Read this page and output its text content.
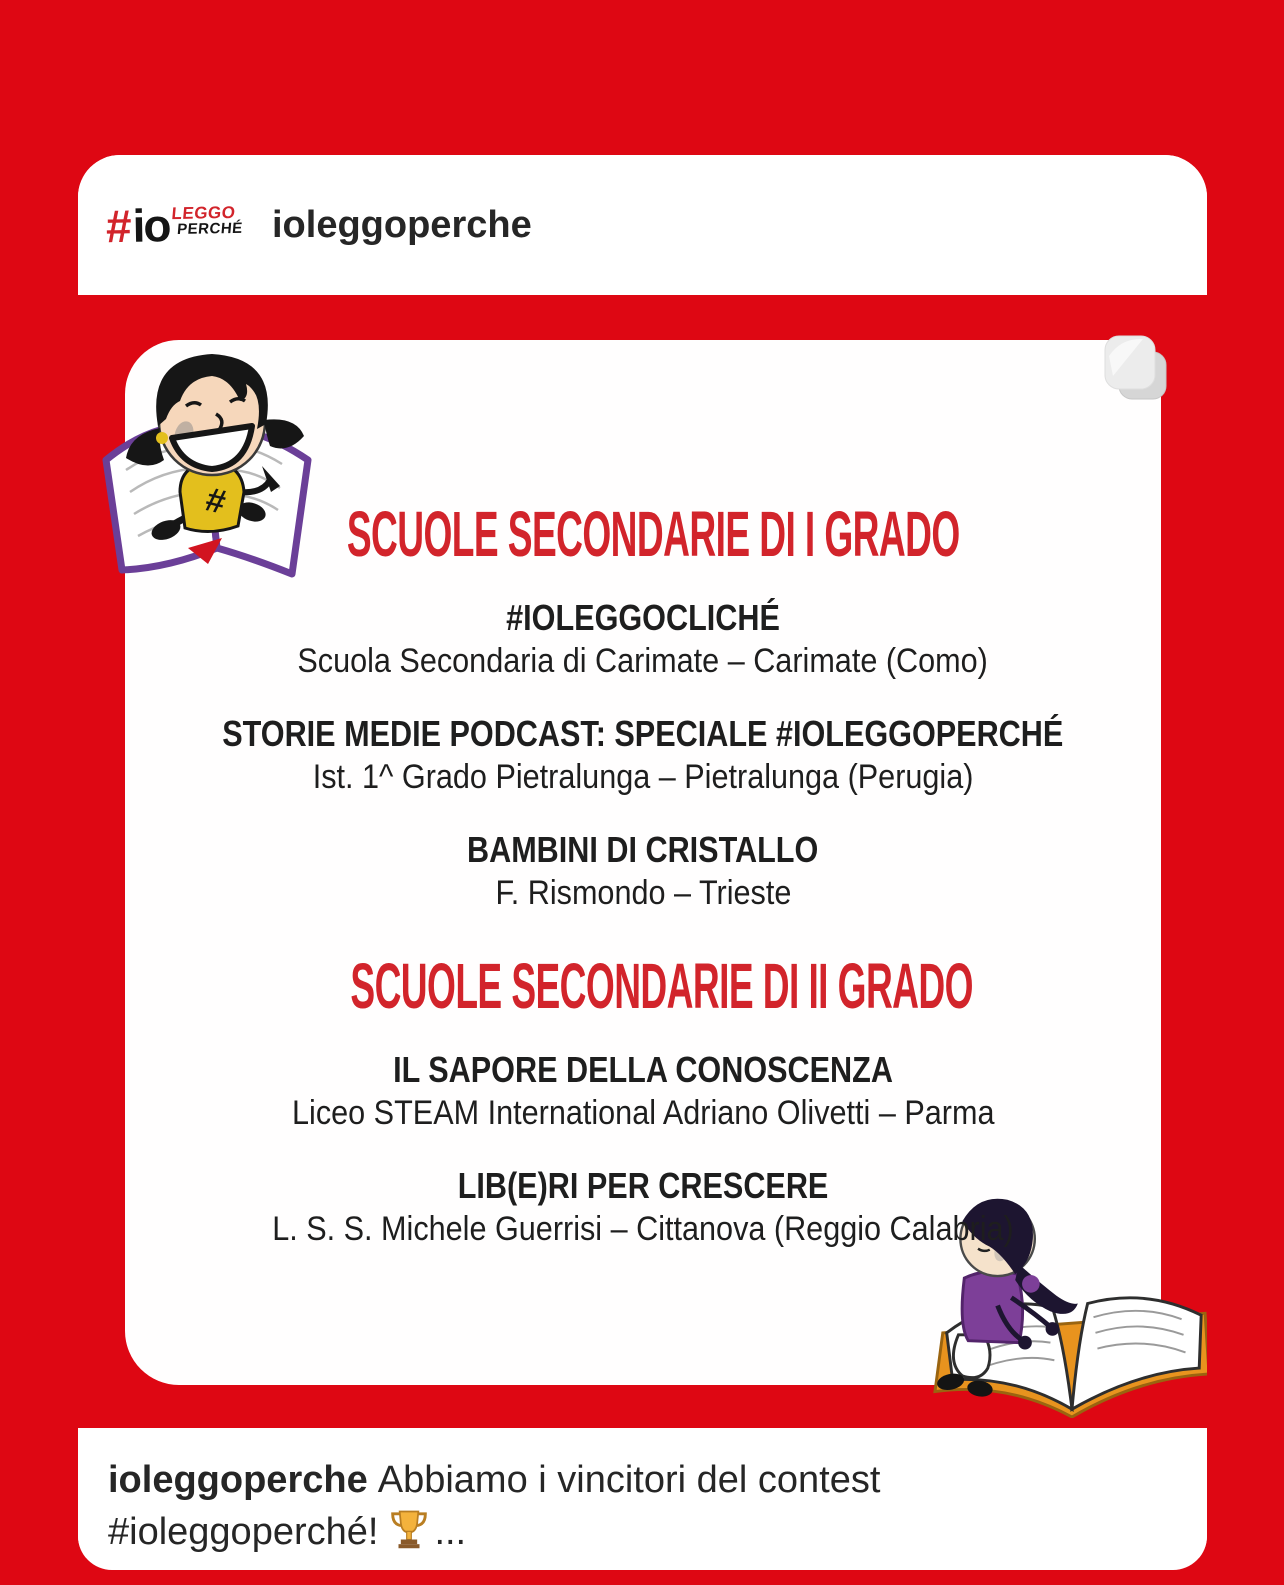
# io LEGGO
PERCHÉ ioleggoperche
#	SCUOLE SECONDARIE DI I GRADO
#IOLEGGOCLICHÉ
Scuola Secondaria di Carimate – Carimate (Como)
STORIE MEDIE PODCAST: SPECIALE #IOLEGGOPERCHÉ
Ist. 1^ Grado Pietralunga – Pietralunga (Perugia)
BAMBINI DI CRISTALLO
F. Rismondo – Trieste
SCUOLE SECONDARIE DI II GRADO
IL SAPORE DELLA CONOSCENZA
Liceo STEAM International Adriano Olivetti – Parma
LIB(E)RI PER CRESCERE
L. S. S. Michele Guerrisi – Cittanova (Reggio Calabria)
ioleggoperche Abbiamo i vincitori del contest #ioleggoperché! ...
